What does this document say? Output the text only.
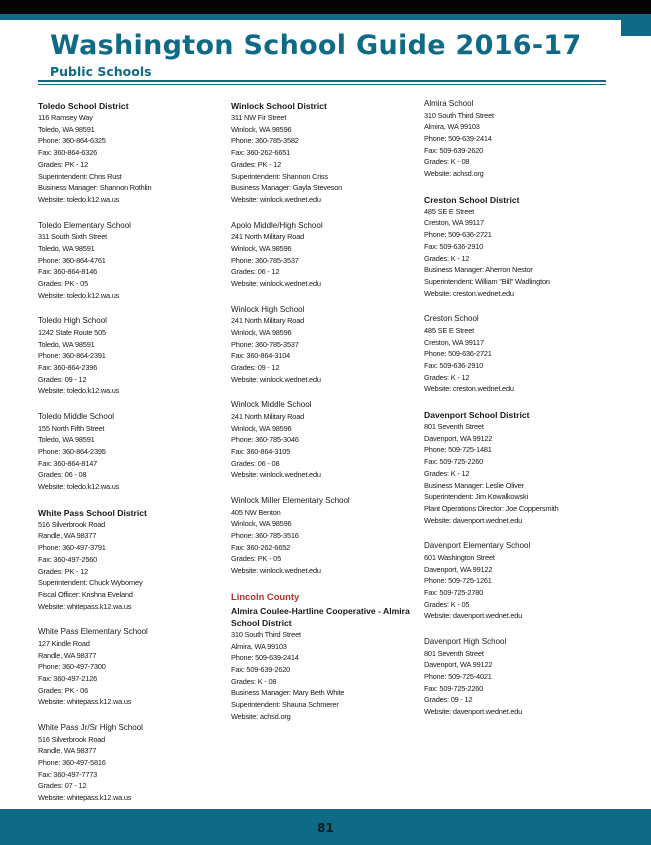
Washington School Guide 2016-17
Public Schools
Toledo School District
116 Ramsey Way
Toledo, WA 98591
Phone: 360-864-6325
Fax: 360-864-6326
Grades: PK - 12
Superintendent: Chris Rust
Business Manager: Shannon Rothlin
Website: toledo.k12.wa.us
Toledo Elementary School
311 South Sixth Street
Toledo, WA 98591
Phone: 360-864-4761
Fax: 360-864-8146
Grades: PK - 05
Website: toledo.k12.wa.us
Toledo High School
1242 State Route 505
Toledo, WA 98591
Phone: 360-864-2391
Fax: 360-864-2396
Grades: 09 - 12
Website: toledo.k12.wa.us
Toledo Middle School
155 North Fifth Street
Toledo, WA 98591
Phone: 360-864-2395
Fax: 360-864-8147
Grades: 06 - 08
Website: toledo.k12.wa.us
White Pass School District
516 Silverbrook Road
Randle, WA 98377
Phone: 360-497-3791
Fax: 360-497-2560
Grades: PK - 12
Superintendent: Chuck Wyborney
Fiscal Officer: Krishna Eveland
Website: whitepass.k12.wa.us
White Pass Elementary School
127 Kindle Road
Randle, WA 98377
Phone: 360-497-7300
Fax: 360-497-2126
Grades: PK - 06
Website: whitepass.k12.wa.us
White Pass Jr/Sr High School
516 Silverbrook Road
Randle, WA 98377
Phone: 360-497-5816
Fax: 360-497-7773
Grades: 07 - 12
Website: whitepass.k12.wa.us
Winlock School District
311 NW Fir Street
Winlock, WA 98596
Phone: 360-785-3582
Fax: 360-262-6651
Grades: PK - 12
Superintendent: Shannon Criss
Business Manager: Gayla Steveson
Website: winlock.wednet.edu
Apolo Middle/High School
241 North Military Road
Winlock, WA 98596
Phone: 360-785-3537
Grades: 06 - 12
Website: winlock.wednet.edu
Winlock High School
241 North Military Road
Winlock, WA 98596
Phone: 360-785-3537
Fax: 360-864-3104
Grades: 09 - 12
Website: winlock.wednet.edu
Winlock Middle School
241 North Military Road
Winlock, WA 98596
Phone: 360-785-3046
Fax: 360-864-3105
Grades: 06 - 08
Website: winlock.wednet.edu
Winlock Miller Elementary School
405 NW Benton
Winlock, WA 98596
Phone: 360-785-3516
Fax: 360-262-6652
Grades: PK - 05
Website: winlock.wednet.edu
Lincoln County
Almira Coulee-Hartline Cooperative - Almira School District
310 South Third Street
Almira, WA 99103
Phone: 509-639-2414
Fax: 509-639-2620
Grades: K - 08
Business Manager: Mary Beth White
Superintendent: Shauna Schmerer
Website: achsd.org
Almira School
310 South Third Street
Almira, WA 99103
Phone: 509-639-2414
Fax: 509-639-2620
Grades: K - 08
Website: achsd.org
Creston School District
485 SE E Street
Creston, WA 99117
Phone: 509-636-2721
Fax: 509-636-2910
Grades: K - 12
Business Manager: Aherron Nestor
Superintendent: William "Bill" Wadlington
Website: creston.wednet.edu
Creston School
485 SE E Street
Creston, WA 99117
Phone: 509-636-2721
Fax: 509-636-2910
Grades: K - 12
Website: creston.wednet.edu
Davenport School District
801 Seventh Street
Davenport, WA 99122
Phone: 509-725-1481
Fax: 509-725-2260
Grades: K - 12
Business Manager: Leslie Oliver
Superintendent: Jim Kowalkowski
Plant Operations Director: Joe Coppersmith
Website: davenport.wednet.edu
Davenport Elementary School
601 Washington Street
Davenport, WA 99122
Phone: 509-725-1261
Fax: 509-725-2780
Grades: K - 05
Website: davenport.wednet.edu
Davenport High School
801 Seventh Street
Davenport, WA 99122
Phone: 509-725-4021
Fax: 509-725-2260
Grades: 09 - 12
Website: davenport.wednet.edu
81
